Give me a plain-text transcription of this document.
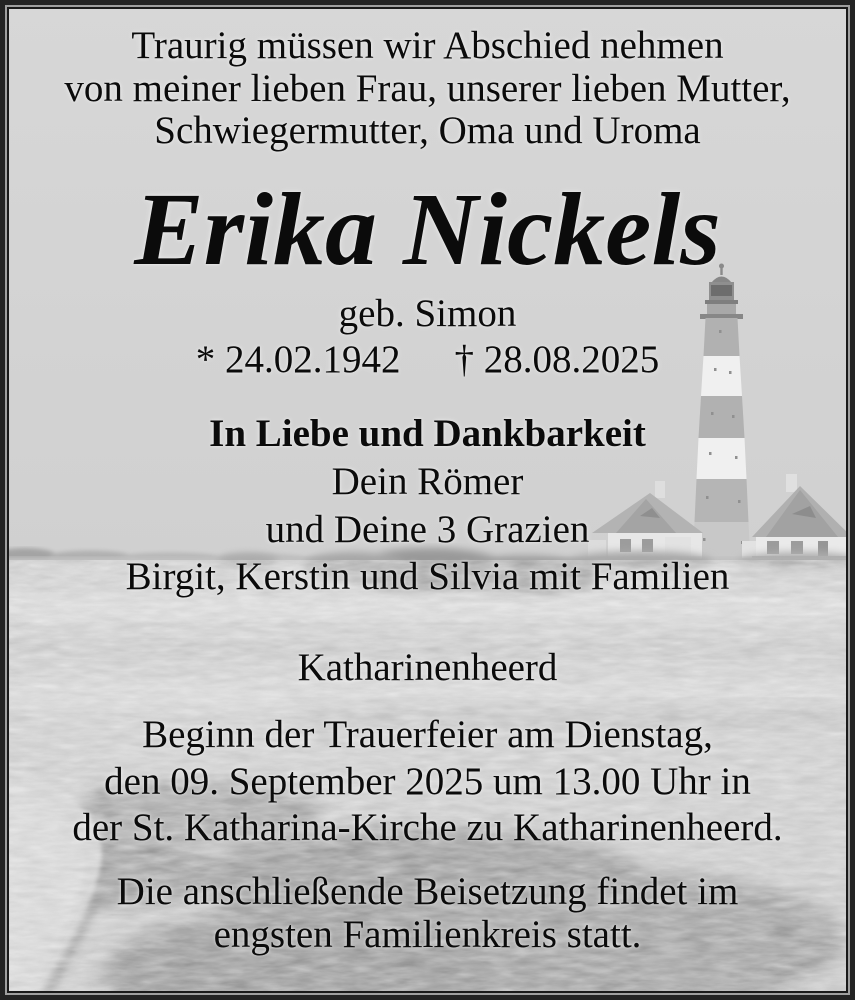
Traurig müssen wir Abschied nehmen
von meiner lieben Frau, unserer lieben Mutter,
Schwiegermutter, Oma und Uroma
Erika Nickels
geb. Simon
* 24.02.1942 † 28.08.2025
In Liebe und Dankbarkeit
Dein Römer
und Deine 3 Grazien
Birgit, Kerstin und Silvia mit Familien
Katharinenheerd
Beginn der Trauerfeier am Dienstag,
den 09. September 2025 um 13.00 Uhr in
der St. Katharina-Kirche zu Katharinenheerd.
Die anschließende Beisetzung findet im
engsten Familienkreis statt.
